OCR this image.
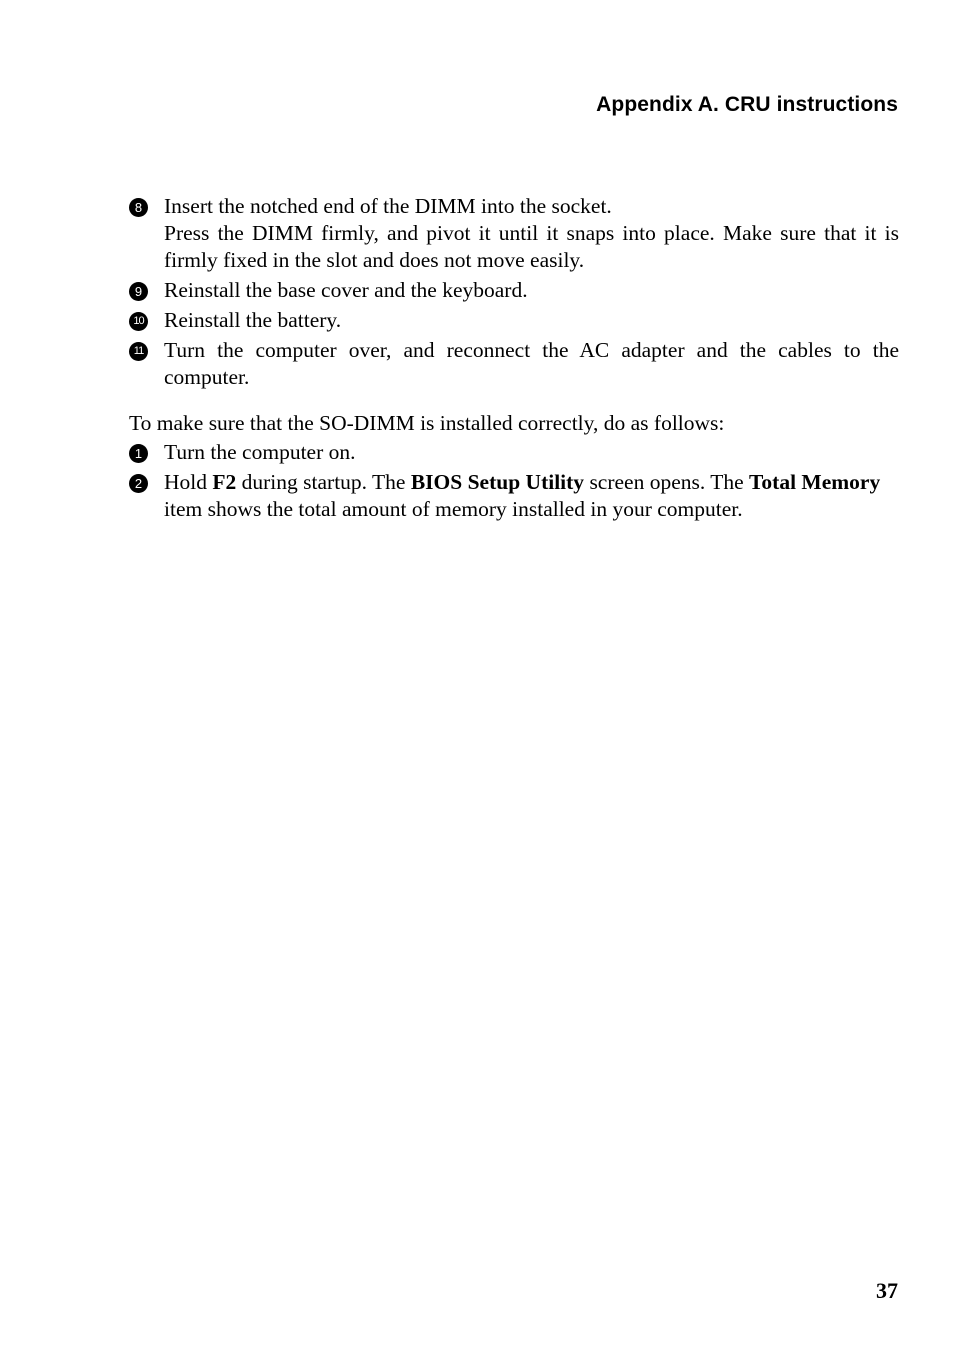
Appendix A. CRU instructions
8 Insert the notched end of the DIMM into the socket.
Press the DIMM firmly, and pivot it until it snaps into place. Make sure that it is firmly fixed in the slot and does not move easily.
9 Reinstall the base cover and the keyboard.
10 Reinstall the battery.
11 Turn the computer over, and reconnect the AC adapter and the cables to the computer.
To make sure that the SO-DIMM is installed correctly, do as follows:
1 Turn the computer on.
2 Hold F2 during startup. The BIOS Setup Utility screen opens. The Total Memory item shows the total amount of memory installed in your computer.
37
